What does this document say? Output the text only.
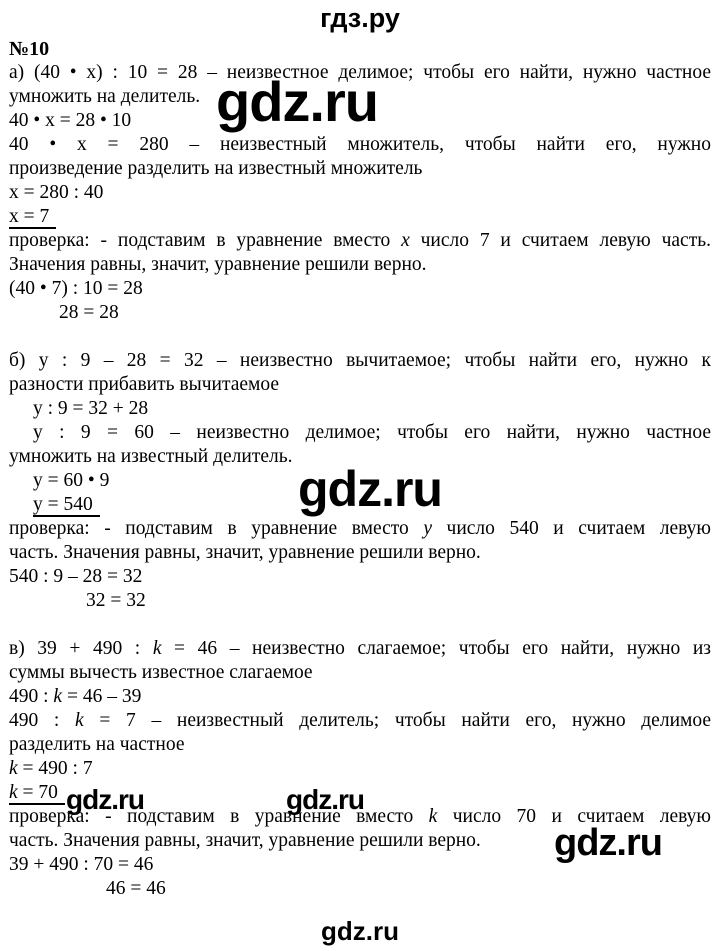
гдз.ру
№10
а) (40 • x) : 10 = 28 – неизвестное делимое; чтобы его найти, нужно частное
умножить на делитель.
40 • x = 28 • 10
40 • x = 280 – неизвестный множитель, чтобы найти его, нужно
произведение разделить на известный множитель
x = 280 : 40
x = 7
проверка: - подставим в уравнение вместо x число 7 и считаем левую часть.
Значения равны, значит, уравнение решили верно.
(40 • 7) : 10 = 28
28 = 28
б) y : 9 – 28 = 32 – неизвестно вычитаемое; чтобы найти его, нужно к
разности прибавить вычитаемое
y : 9 = 32 + 28
y : 9 = 60 – неизвестно делимое; чтобы его найти, нужно частное
умножить на известный делитель.
y = 60 • 9
y = 540
проверка: - подставим в уравнение вместо y число 540 и считаем левую
часть. Значения равны, значит, уравнение решили верно.
540 : 9 – 28 = 32
32 = 32
в) 39 + 490 : k = 46 – неизвестно слагаемое; чтобы его найти, нужно из
суммы вычесть известное слагаемое
490 : k = 46 – 39
490 : k = 7 – неизвестный делитель; чтобы найти его, нужно делимое
разделить на частное
k = 490 : 7
k = 70
проверка: - подставим в уравнение вместо k число 70 и считаем левую
часть. Значения равны, значит, уравнение решили верно.
39 + 490 : 70 = 46
46 = 46
gdz.ru
gdz.ru
gdz.ru
gdz.ru	gdz.ru
gdz.ru
